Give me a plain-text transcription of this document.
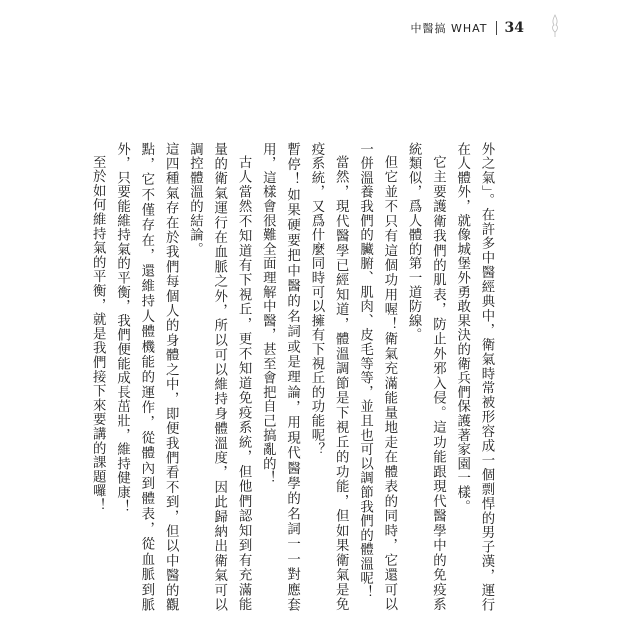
中醫搞 WHAT 34

外之氣」。在許多中醫經典中，衛氣時常被形容成一個剽悍的男子漢，運行在人體外，就像城堡外勇敢果決的衛兵們保護著家園一樣。

它主要護衛我們的肌表，防止外邪入侵。這功能跟現代醫學中的免疫系統類似，爲人體的第一道防線。

但它並不只有這個功用喔！衛氣充滿能量地走在體表的同時，它還可以一併溫養我們的臟腑、肌肉、皮毛等等，並且也可以調節我們的體溫呢！

當然，現代醫學已經知道，體溫調節是下視丘的功能，但如果衛氣是免疫系統，又爲什麼同時可以擁有下視丘的功能呢？

暫停！如果硬要把中醫的名詞或是理論，用現代醫學的名詞一一對應套用，這樣會很難全面理解中醫，甚至會把自己搞亂的！

古人當然不知道有下視丘，更不知道免疫系統，但他們認知到有充滿能量的衛氣運行在血脈之外，所以可以維持身體溫度，因此歸納出衛氣可以調控體溫的結論。

這四種氣存在於我們每個人的身體之中，即便我們看不到，但以中醫的觀點，它不僅存在，還維持人體機能的運作，從體內到體表，從血脈到脈外，只要能維持氣的平衡，我們便能成長茁壯，維持健康！

至於如何維持氣的平衡，就是我們接下來要講的課題囉！
